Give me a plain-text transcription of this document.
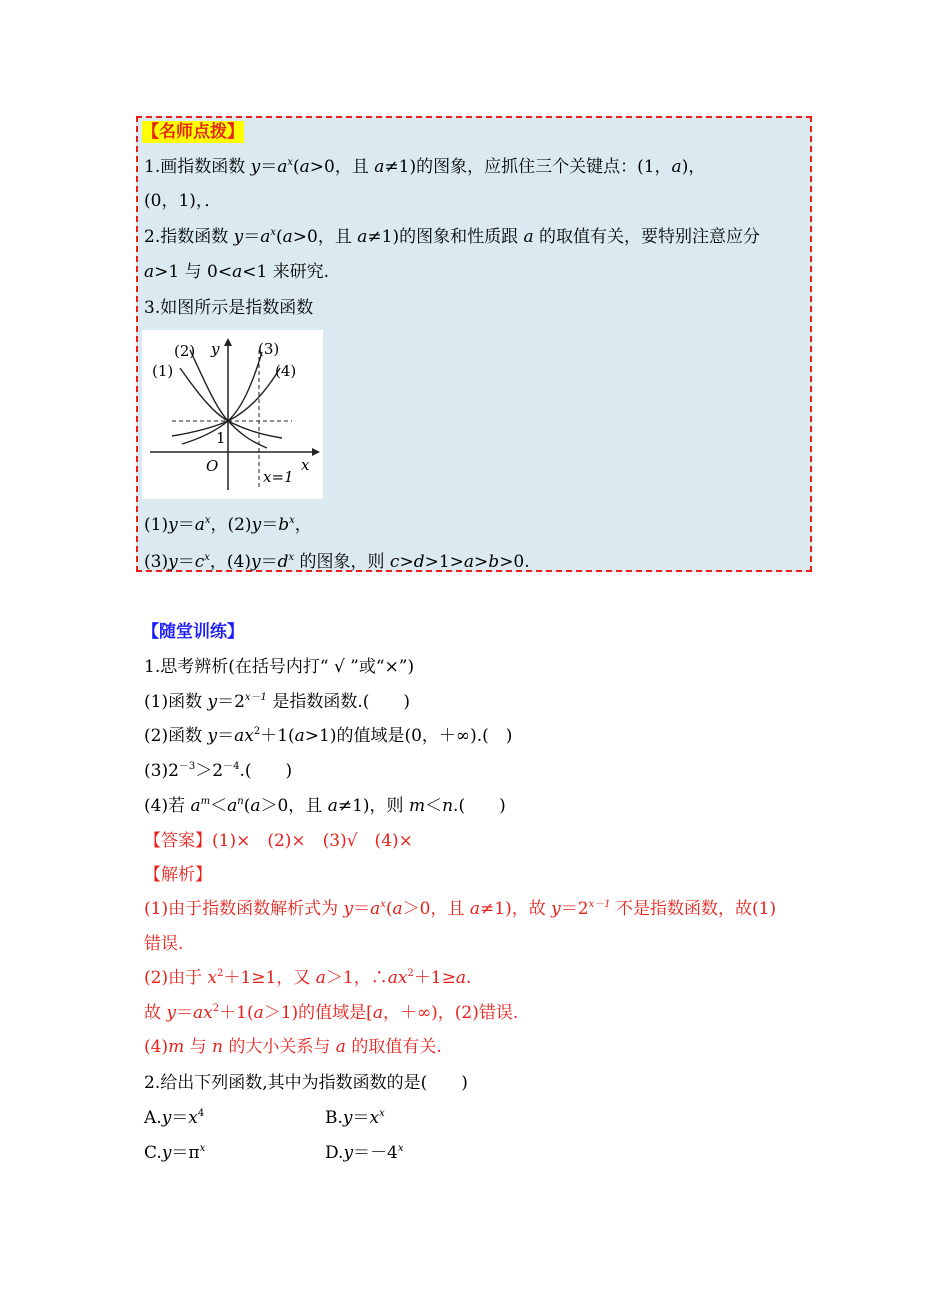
【名师点拨】
1.画指数函数 $y=a^x(a>0$，且 a≠1)的图象，应抓住三个关键点：(1，a)，
(0，1)，．
2.指数函数 $y=a^x(a>0$，且 a≠1)的图象和性质跟 a 的取值有关，要特别注意应分
a>1 与 0<a<1 来研究.
3.如图所示是指数函数
(1)
(2)	(3)
(4)
y
x
O
1
x=1
$(1)y=a^x$，$(2)y=b^x$，
$(3)y=c^x$，$(4)y=d^x$ 的图象，则 c>d>1>a>b>0.
【随堂训练】
1.思考辨析(在括号内打“ √ ”或“×”)
(1)函数 $y=2^{x-1}$ 是指数函数.(　　)
(2)函数 $y=ax^2+1(a>1)$的值域是(0，＋∞).(　)
$(3)2^{-3}>2^{-4}$.(　　)
(4)若 $a^m<a^n(a>0$，且 a≠1)，则 m＜n.(　　)
【答案】(1)×　(2)×　(3)√　(4)×
【解析】
(1)由于指数函数解析式为 $y=a^x(a>0$，且 a≠1)，故 $y=2^{x-1}$ 不是指数函数，故(1)
错误.
(2)由于 $x^2+1\ge 1$，又 a＞1，$\therefore ax^2+1\ge a$.
故 $y=ax^2+1(a>1)$的值域是[a，＋∞)，(2)错误.
(4)m 与 n 的大小关系与 a 的取值有关.
2.给出下列函数,其中为指数函数的是(　　)
$A.y=x^4$	$B.y=x^x$
$C.y=\pi^x$	$D.y=-4^x$
